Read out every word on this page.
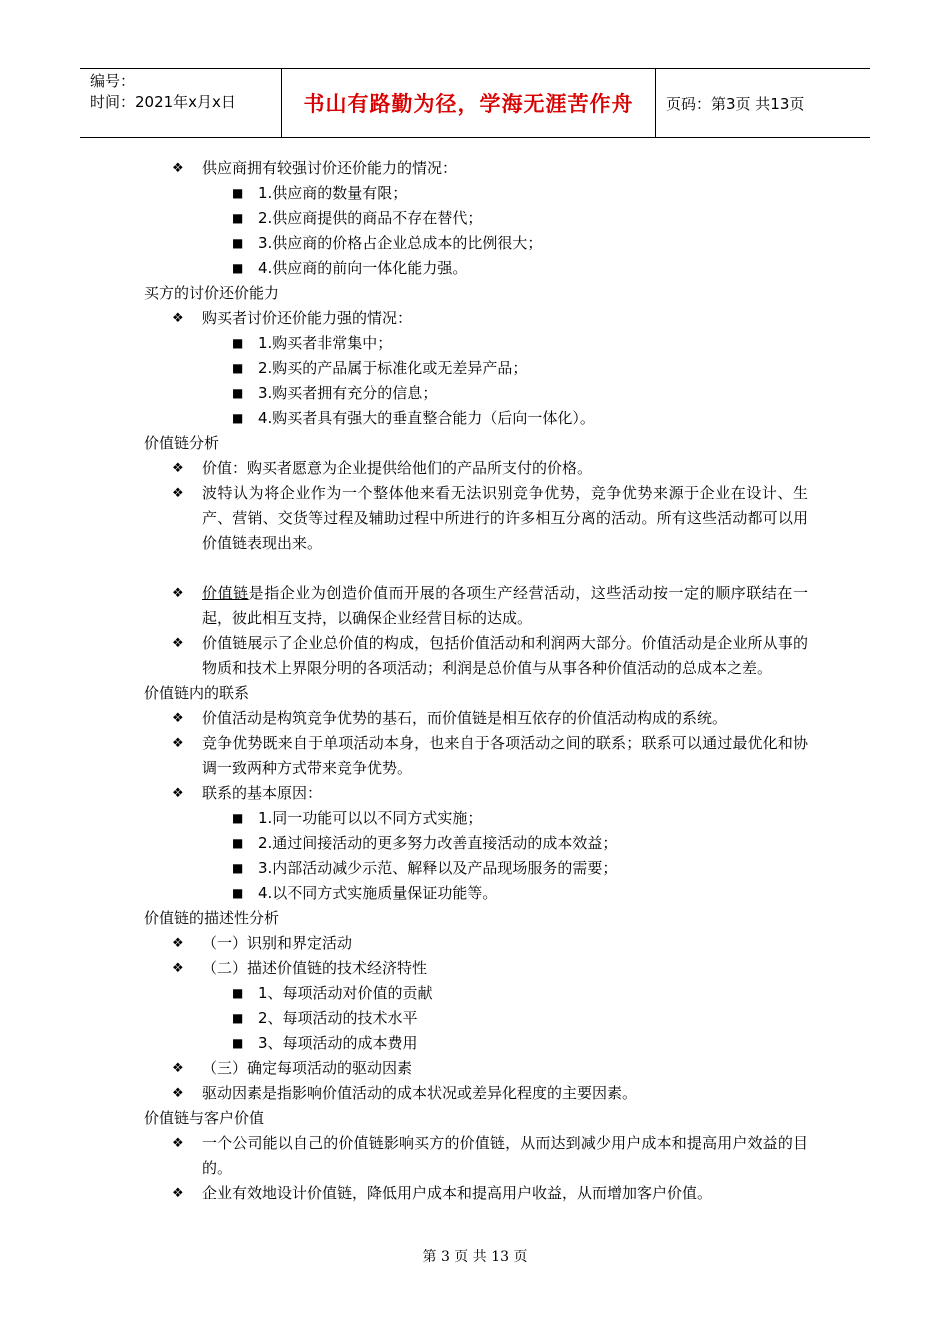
编号：
时间：2021年x月x日	书山有路勤为径，学海无涯苦作舟	页码：第3页 共13页
❖ 供应商拥有较强讨价还价能力的情况：
■ 1.供应商的数量有限；
■ 2.供应商提供的商品不存在替代；
■ 3.供应商的价格占企业总成本的比例很大；
■ 4.供应商的前向一体化能力强。
买方的讨价还价能力
❖ 购买者讨价还价能力强的情况：
■ 1.购买者非常集中；
■ 2.购买的产品属于标准化或无差异产品；
■ 3.购买者拥有充分的信息；
■ 4.购买者具有强大的垂直整合能力（后向一体化）。
价值链分析
❖ 价值：购买者愿意为企业提供给他们的产品所支付的价格。
❖ 波特认为将企业作为一个整体他来看无法识别竞争优势，竞争优势来源于企业在设计、生产、营销、交货等过程及辅助过程中所进行的许多相互分离的活动。所有这些活动都可以用价值链表现出来。
❖ 价值链是指企业为创造价值而开展的各项生产经营活动，这些活动按一定的顺序联结在一起，彼此相互支持，以确保企业经营目标的达成。
❖ 价值链展示了企业总价值的构成，包括价值活动和利润两大部分。价值活动是企业所从事的物质和技术上界限分明的各项活动；利润是总价值与从事各种价值活动的总成本之差。
价值链内的联系
❖ 价值活动是构筑竞争优势的基石，而价值链是相互依存的价值活动构成的系统。
❖ 竞争优势既来自于单项活动本身，也来自于各项活动之间的联系；联系可以通过最优化和协调一致两种方式带来竞争优势。
❖ 联系的基本原因：
■ 1.同一功能可以以不同方式实施；
■ 2.通过间接活动的更多努力改善直接活动的成本效益；
■ 3.内部活动减少示范、解释以及产品现场服务的需要；
■ 4.以不同方式实施质量保证功能等。
价值链的描述性分析
❖ （一）识别和界定活动
❖ （二）描述价值链的技术经济特性
■ 1、每项活动对价值的贡献
■ 2、每项活动的技术水平
■ 3、每项活动的成本费用
❖ （三）确定每项活动的驱动因素
❖ 驱动因素是指影响价值活动的成本状况或差异化程度的主要因素。
价值链与客户价值
❖ 一个公司能以自己的价值链影响买方的价值链，从而达到减少用户成本和提高用户效益的目的。
❖ 企业有效地设计价值链，降低用户成本和提高用户收益，从而增加客户价值。
第 3 页 共 13 页
